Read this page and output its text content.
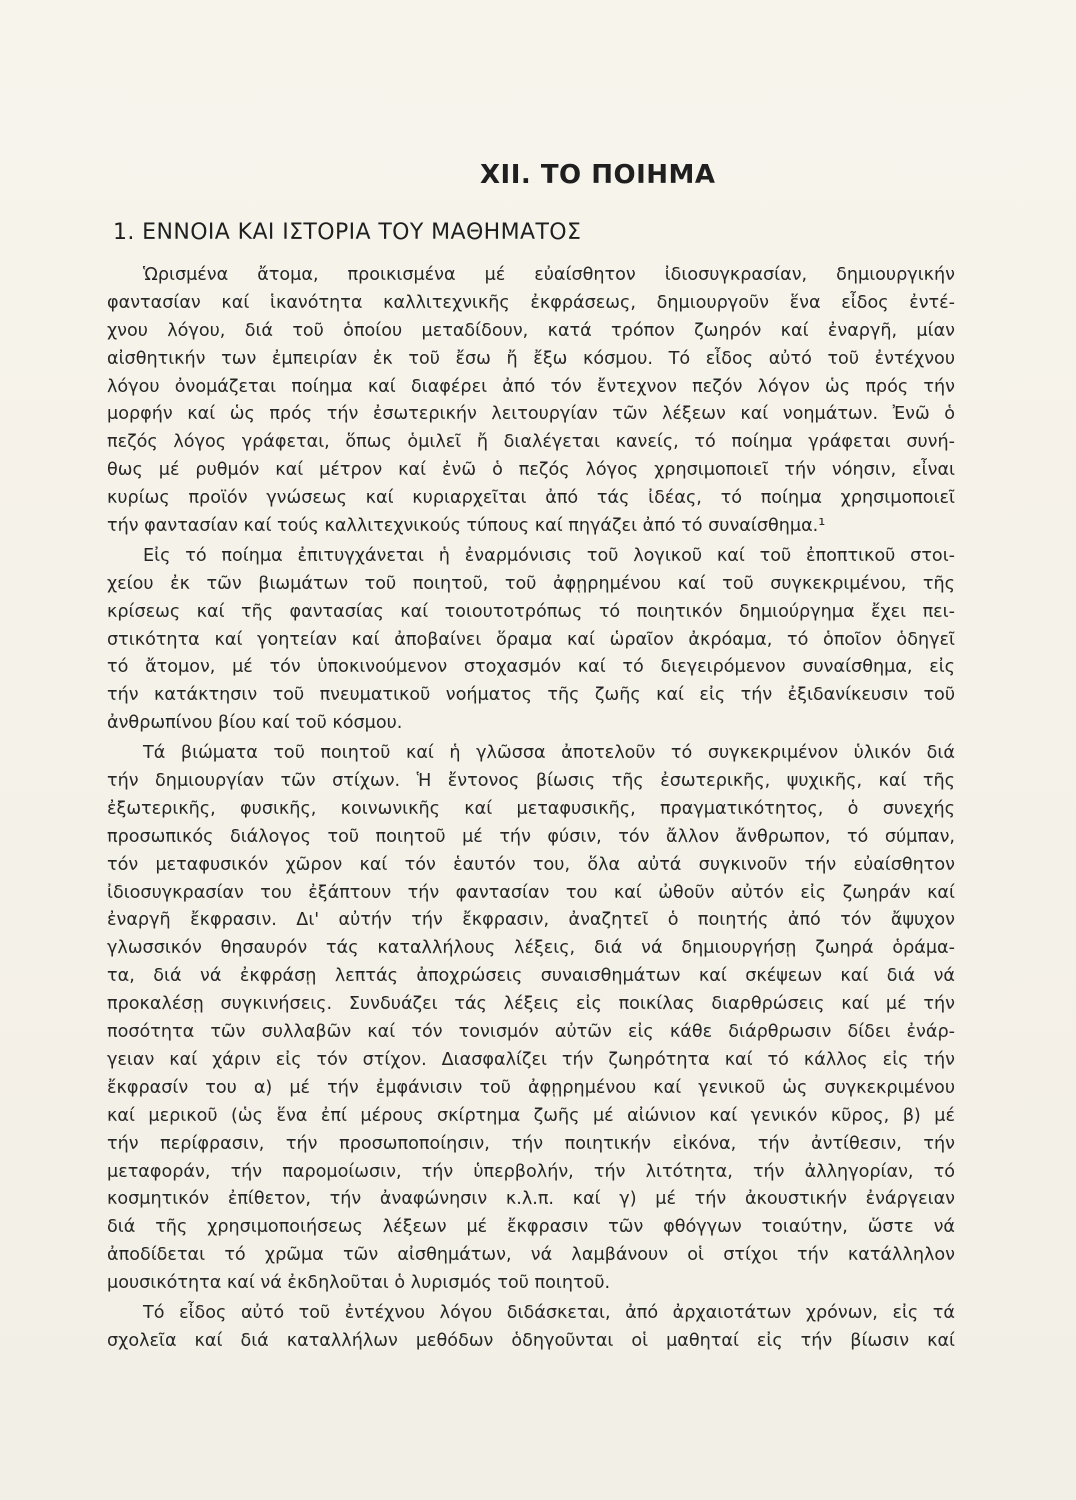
XII. ΤΟ ΠΟΙΗΜΑ
1. ΕΝΝΟΙΑ ΚΑΙ ΙΣΤΟΡΙΑ ΤΟΥ ΜΑΘΗΜΑΤΟΣ
Ὡρισμένα ἄτομα, προικισμένα μέ εὐαίσθητον ἰδιοσυγκρασίαν, δημιουργικήν
φαντασίαν καί ἱκανότητα καλλιτεχνικῆς ἐκφράσεως, δημιουργοῦν ἕνα εἶδος ἐντέ-
χνου λόγου, διά τοῦ ὁποίου μεταδίδουν, κατά τρόπον ζωηρόν καί ἐναργῆ, μίαν
αἰσθητικήν των ἐμπειρίαν ἐκ τοῦ ἔσω ἤ ἔξω κόσμου. Τό εἶδος αὐτό τοῦ ἐντέχνου
λόγου ὀνομάζεται ποίημα καί διαφέρει ἀπό τόν ἔντεχνον πεζόν λόγον ὡς πρός τήν
μορφήν καί ὡς πρός τήν ἐσωτερικήν λειτουργίαν τῶν λέξεων καί νοημάτων. Ἐνῶ ὁ
πεζός λόγος γράφεται, ὅπως ὁμιλεῖ ἤ διαλέγεται κανείς, τό ποίημα γράφεται συνή-
θως μέ ρυθμόν καί μέτρον καί ἐνῶ ὁ πεζός λόγος χρησιμοποιεῖ τήν νόησιν, εἶναι
κυρίως προϊόν γνώσεως καί κυριαρχεῖται ἀπό τάς ἰδέας, τό ποίημα χρησιμοποιεῖ
τήν φαντασίαν καί τούς καλλιτεχνικούς τύπους καί πηγάζει ἀπό τό συναίσθημα.¹
Εἰς τό ποίημα ἐπιτυγχάνεται ἡ ἐναρμόνισις τοῦ λογικοῦ καί τοῦ ἐποπτικοῦ στοι-
χείου ἐκ τῶν βιωμάτων τοῦ ποιητοῦ, τοῦ ἀφῃρημένου καί τοῦ συγκεκριμένου, τῆς
κρίσεως καί τῆς φαντασίας καί τοιουτοτρόπως τό ποιητικόν δημιούργημα ἔχει πει-
στικότητα καί γοητείαν καί ἀποβαίνει ὅραμα καί ὡραῖον ἀκρόαμα, τό ὁποῖον ὁδηγεῖ
τό ἄτομον, μέ τόν ὑποκινούμενον στοχασμόν καί τό διεγειρόμενον συναίσθημα, εἰς
τήν κατάκτησιν τοῦ πνευματικοῦ νοήματος τῆς ζωῆς καί εἰς τήν ἐξιδανίκευσιν τοῦ
ἀνθρωπίνου βίου καί τοῦ κόσμου.
Τά βιώματα τοῦ ποιητοῦ καί ἡ γλῶσσα ἀποτελοῦν τό συγκεκριμένον ὑλικόν διά
τήν δημιουργίαν τῶν στίχων. Ἡ ἔντονος βίωσις τῆς ἐσωτερικῆς, ψυχικῆς, καί τῆς
ἐξωτερικῆς, φυσικῆς, κοινωνικῆς καί μεταφυσικῆς, πραγματικότητος, ὁ συνεχής
προσωπικός διάλογος τοῦ ποιητοῦ μέ τήν φύσιν, τόν ἄλλον ἄνθρωπον, τό σύμπαν,
τόν μεταφυσικόν χῶρον καί τόν ἑαυτόν του, ὅλα αὐτά συγκινοῦν τήν εὐαίσθητον
ἰδιοσυγκρασίαν του ἐξάπτουν τήν φαντασίαν του καί ὠθοῦν αὐτόν εἰς ζωηράν καί
ἐναργῆ ἔκφρασιν. Δι' αὐτήν τήν ἔκφρασιν, ἀναζητεῖ ὁ ποιητής ἀπό τόν ἄψυχον
γλωσσικόν θησαυρόν τάς καταλλήλους λέξεις, διά νά δημιουργήσῃ ζωηρά ὁράμα-
τα, διά νά ἐκφράσῃ λεπτάς ἀποχρώσεις συναισθημάτων καί σκέψεων καί διά νά
προκαλέσῃ συγκινήσεις. Συνδυάζει τάς λέξεις εἰς ποικίλας διαρθρώσεις καί μέ τήν
ποσότητα τῶν συλλαβῶν καί τόν τονισμόν αὐτῶν εἰς κάθε διάρθρωσιν δίδει ἐνάρ-
γειαν καί χάριν εἰς τόν στίχον. Διασφαλίζει τήν ζωηρότητα καί τό κάλλος εἰς τήν
ἔκφρασίν του α) μέ τήν ἐμφάνισιν τοῦ ἀφῃρημένου καί γενικοῦ ὡς συγκεκριμένου
καί μερικοῦ (ὡς ἕνα ἐπί μέρους σκίρτημα ζωῆς μέ αἰώνιον καί γενικόν κῦρος, β) μέ
τήν περίφρασιν, τήν προσωποποίησιν, τήν ποιητικήν εἰκόνα, τήν ἀντίθεσιν, τήν
μεταφοράν, τήν παρομοίωσιν, τήν ὑπερβολήν, τήν λιτότητα, τήν ἀλληγορίαν, τό
κοσμητικόν ἐπίθετον, τήν ἀναφώνησιν κ.λ.π. καί γ) μέ τήν ἀκουστικήν ἐνάργειαν
διά τῆς χρησιμοποιήσεως λέξεων μέ ἔκφρασιν τῶν φθόγγων τοιαύτην, ὥστε νά
ἀποδίδεται τό χρῶμα τῶν αἰσθημάτων, νά λαμβάνουν οἱ στίχοι τήν κατάλληλον
μουσικότητα καί νά ἐκδηλοῦται ὁ λυρισμός τοῦ ποιητοῦ.
Τό εἶδος αὐτό τοῦ ἐντέχνου λόγου διδάσκεται, ἀπό ἀρχαιοτάτων χρόνων, εἰς τά
σχολεῖα καί διά καταλλήλων μεθόδων ὁδηγοῦνται οἱ μαθηταί εἰς τήν βίωσιν καί
